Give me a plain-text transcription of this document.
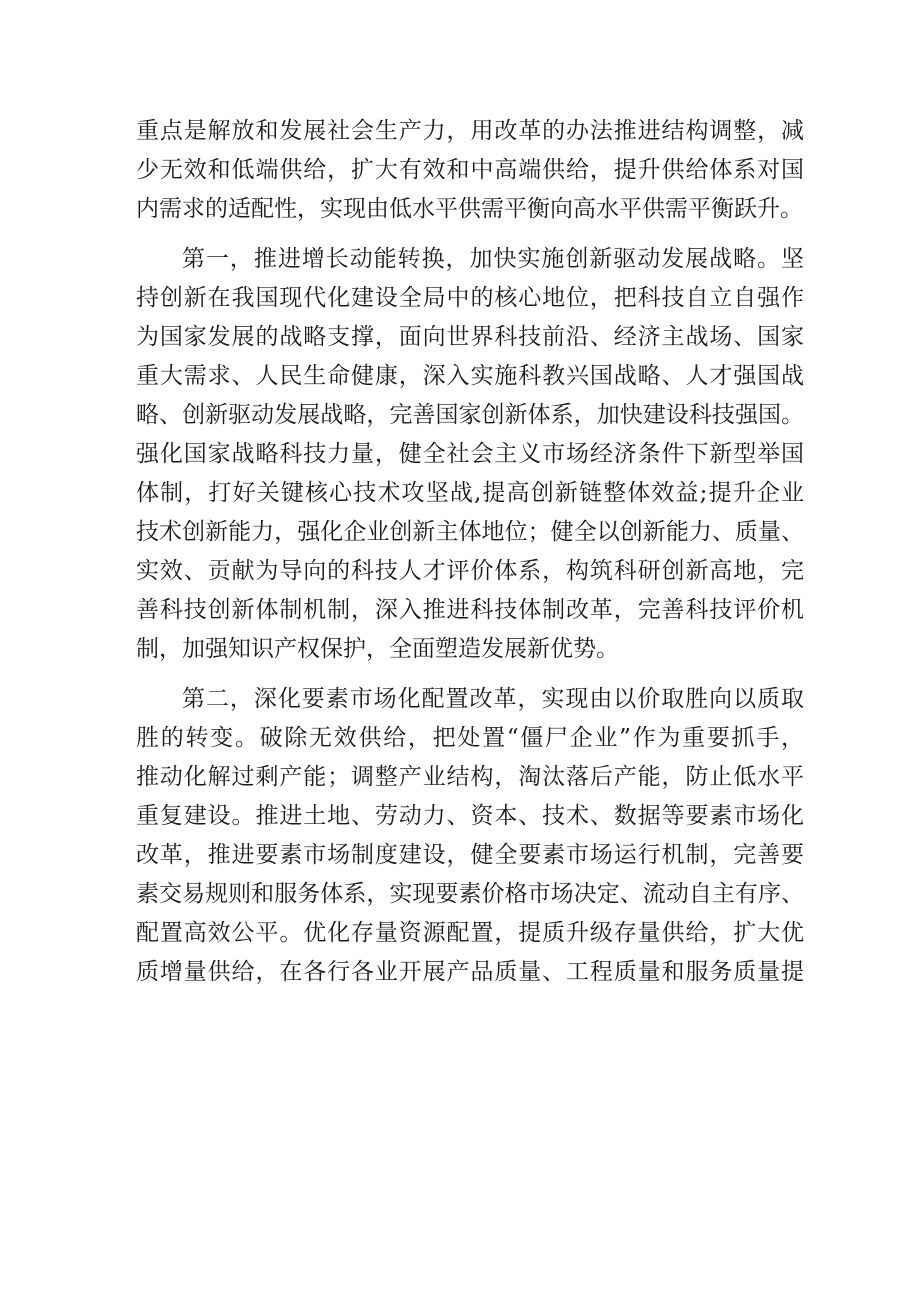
重点是解放和发展社会生产力，用改革的办法推进结构调整，减
少无效和低端供给，扩大有效和中高端供给，提升供给体系对国
内需求的适配性，实现由低水平供需平衡向高水平供需平衡跃升。
第一，推进增长动能转换，加快实施创新驱动发展战略。坚
持创新在我国现代化建设全局中的核心地位，把科技自立自强作
为国家发展的战略支撑，面向世界科技前沿、经济主战场、国家
重大需求、人民生命健康，深入实施科教兴国战略、人才强国战
略、创新驱动发展战略，完善国家创新体系，加快建设科技强国。
强化国家战略科技力量，健全社会主义市场经济条件下新型举国
体制，打好关键核心技术攻坚战,提高创新链整体效益;提升企业
技术创新能力，强化企业创新主体地位；健全以创新能力、质量、
实效、贡献为导向的科技人才评价体系，构筑科研创新高地，完
善科技创新体制机制，深入推进科技体制改革，完善科技评价机
制，加强知识产权保护，全面塑造发展新优势。
第二，深化要素市场化配置改革，实现由以价取胜向以质取
胜的转变。破除无效供给，把处置“僵尸企业”作为重要抓手，
推动化解过剩产能；调整产业结构，淘汰落后产能，防止低水平
重复建设。推进土地、劳动力、资本、技术、数据等要素市场化
改革，推进要素市场制度建设，健全要素市场运行机制，完善要
素交易规则和服务体系，实现要素价格市场决定、流动自主有序、
配置高效公平。优化存量资源配置，提质升级存量供给，扩大优
质增量供给，在各行各业开展产品质量、工程质量和服务质量提
